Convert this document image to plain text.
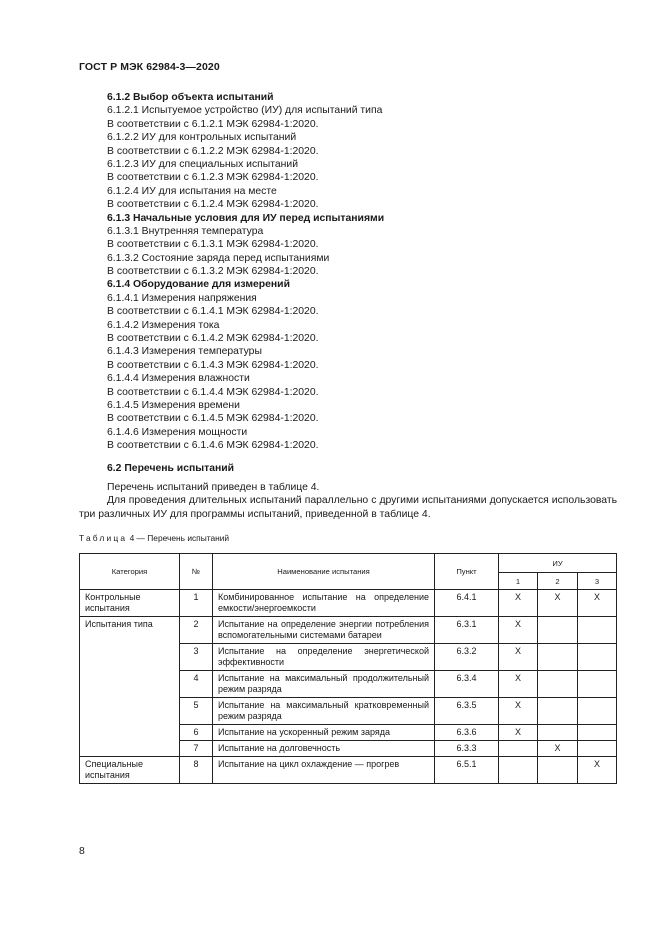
ГОСТ Р МЭК 62984-3—2020
6.1.2 Выбор объекта испытаний
6.1.2.1 Испытуемое устройство (ИУ) для испытаний типа
В соответствии с 6.1.2.1 МЭК 62984-1:2020.
6.1.2.2 ИУ для контрольных испытаний
В соответствии с 6.1.2.2 МЭК 62984-1:2020.
6.1.2.3 ИУ для специальных испытаний
В соответствии с 6.1.2.3 МЭК 62984-1:2020.
6.1.2.4 ИУ для испытания на месте
В соответствии с 6.1.2.4 МЭК 62984-1:2020.
6.1.3 Начальные условия для ИУ перед испытаниями
6.1.3.1 Внутренняя температура
В соответствии с 6.1.3.1 МЭК 62984-1:2020.
6.1.3.2 Состояние заряда перед испытаниями
В соответствии с 6.1.3.2 МЭК 62984-1:2020.
6.1.4 Оборудование для измерений
6.1.4.1 Измерения напряжения
В соответствии с 6.1.4.1 МЭК 62984-1:2020.
6.1.4.2 Измерения тока
В соответствии с 6.1.4.2 МЭК 62984-1:2020.
6.1.4.3 Измерения температуры
В соответствии с 6.1.4.3 МЭК 62984-1:2020.
6.1.4.4 Измерения влажности
В соответствии с 6.1.4.4 МЭК 62984-1:2020.
6.1.4.5 Измерения времени
В соответствии с 6.1.4.5 МЭК 62984-1:2020.
6.1.4.6 Измерения мощности
В соответствии с 6.1.4.6 МЭК 62984-1:2020.
6.2 Перечень испытаний
Перечень испытаний приведен в таблице 4.
Для проведения длительных испытаний параллельно с другими испытаниями допускается использовать три различных ИУ для программы испытаний, приведенной в таблице 4.
Таблица 4 — Перечень испытаний
Категория	№	Наименование испытания	Пункт	ИУ		
				1	2	3
Контрольные испытания	1	Комбинированное испытание на определение емкости/энергоемкости	6.4.1	X	X	X
Испытания типа	2	Испытание на определение энергии потребления вспомогательными системами батареи	6.3.1	X		
	3	Испытание на определение энергетической эффективности	6.3.2	X		
	4	Испытание на максимальный продолжительный режим разряда	6.3.4	X		
	5	Испытание на максимальный кратковременный режим разряда	6.3.5	X		
	6	Испытание на ускоренный режим заряда	6.3.6	X		
	7	Испытание на долговечность	6.3.3		X	
Специальные испытания	8	Испытание на цикл охлаждение — прогрев	6.5.1			X
8
